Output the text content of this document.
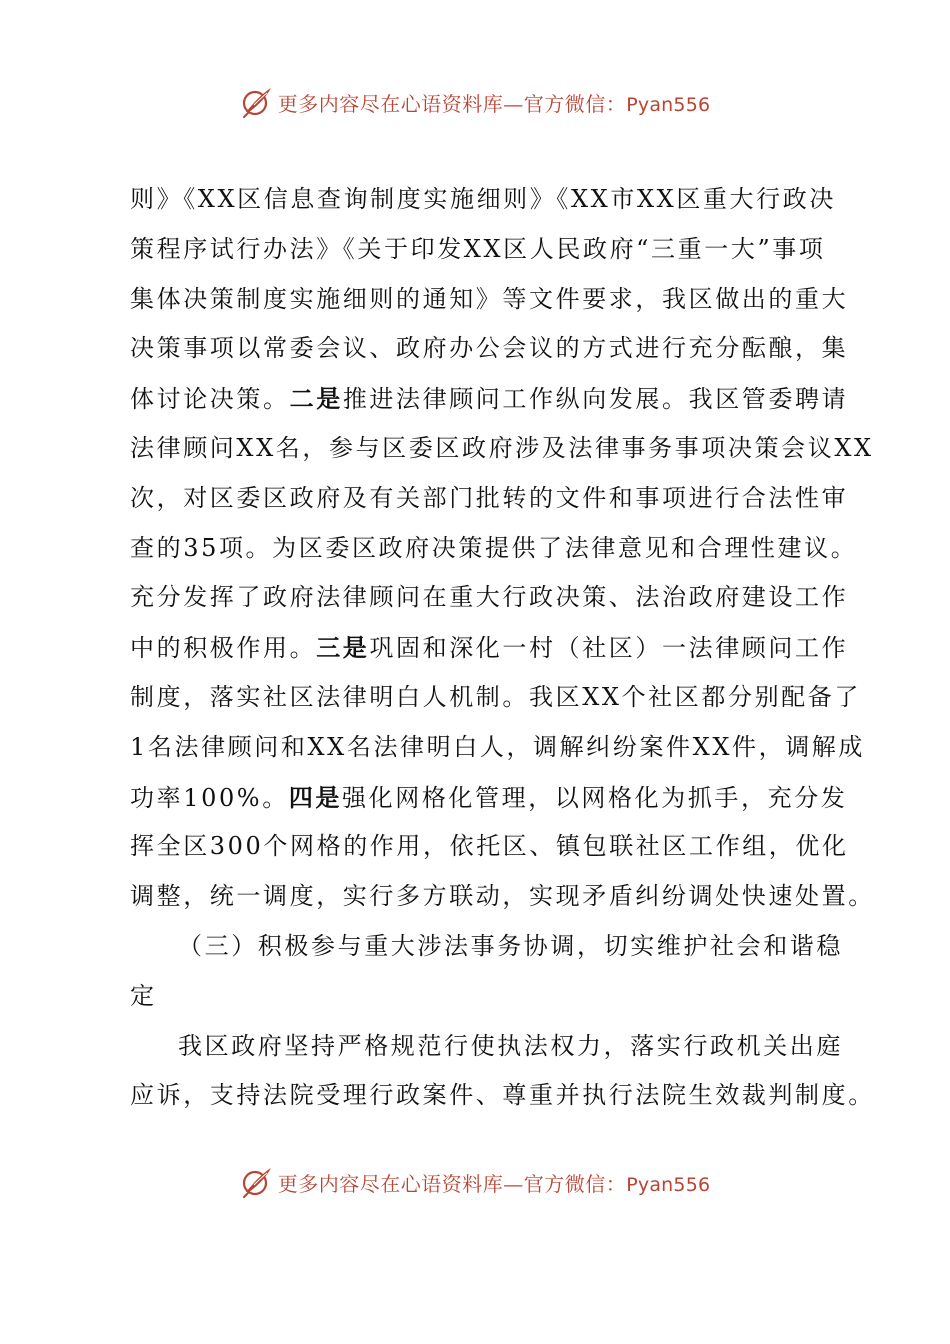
更多内容尽在心语资料库—官方微信：Pyan556
则》《XX区信息查询制度实施细则》《XX市XX区重大行政决
策程序试行办法》《关于印发XX区人民政府“三重一大”事项
集体决策制度实施细则的通知》等文件要求，我区做出的重大
决策事项以常委会议、政府办公会议的方式进行充分酝酿，集
体讨论决策。二是推进法律顾问工作纵向发展。我区管委聘请
法律顾问XX名，参与区委区政府涉及法律事务事项决策会议XX
次，对区委区政府及有关部门批转的文件和事项进行合法性审
查的35项。为区委区政府决策提供了法律意见和合理性建议。
充分发挥了政府法律顾问在重大行政决策、法治政府建设工作
中的积极作用。三是巩固和深化一村（社区）一法律顾问工作
制度，落实社区法律明白人机制。我区XX个社区都分别配备了
1名法律顾问和XX名法律明白人，调解纠纷案件XX件，调解成
功率100%。四是强化网格化管理，以网格化为抓手，充分发
挥全区300个网格的作用，依托区、镇包联社区工作组，优化
调整，统一调度，实行多方联动，实现矛盾纠纷调处快速处置。
（三）积极参与重大涉法事务协调，切实维护社会和谐稳
定
我区政府坚持严格规范行使执法权力，落实行政机关出庭
应诉，支持法院受理行政案件、尊重并执行法院生效裁判制度。
更多内容尽在心语资料库—官方微信：Pyan556
